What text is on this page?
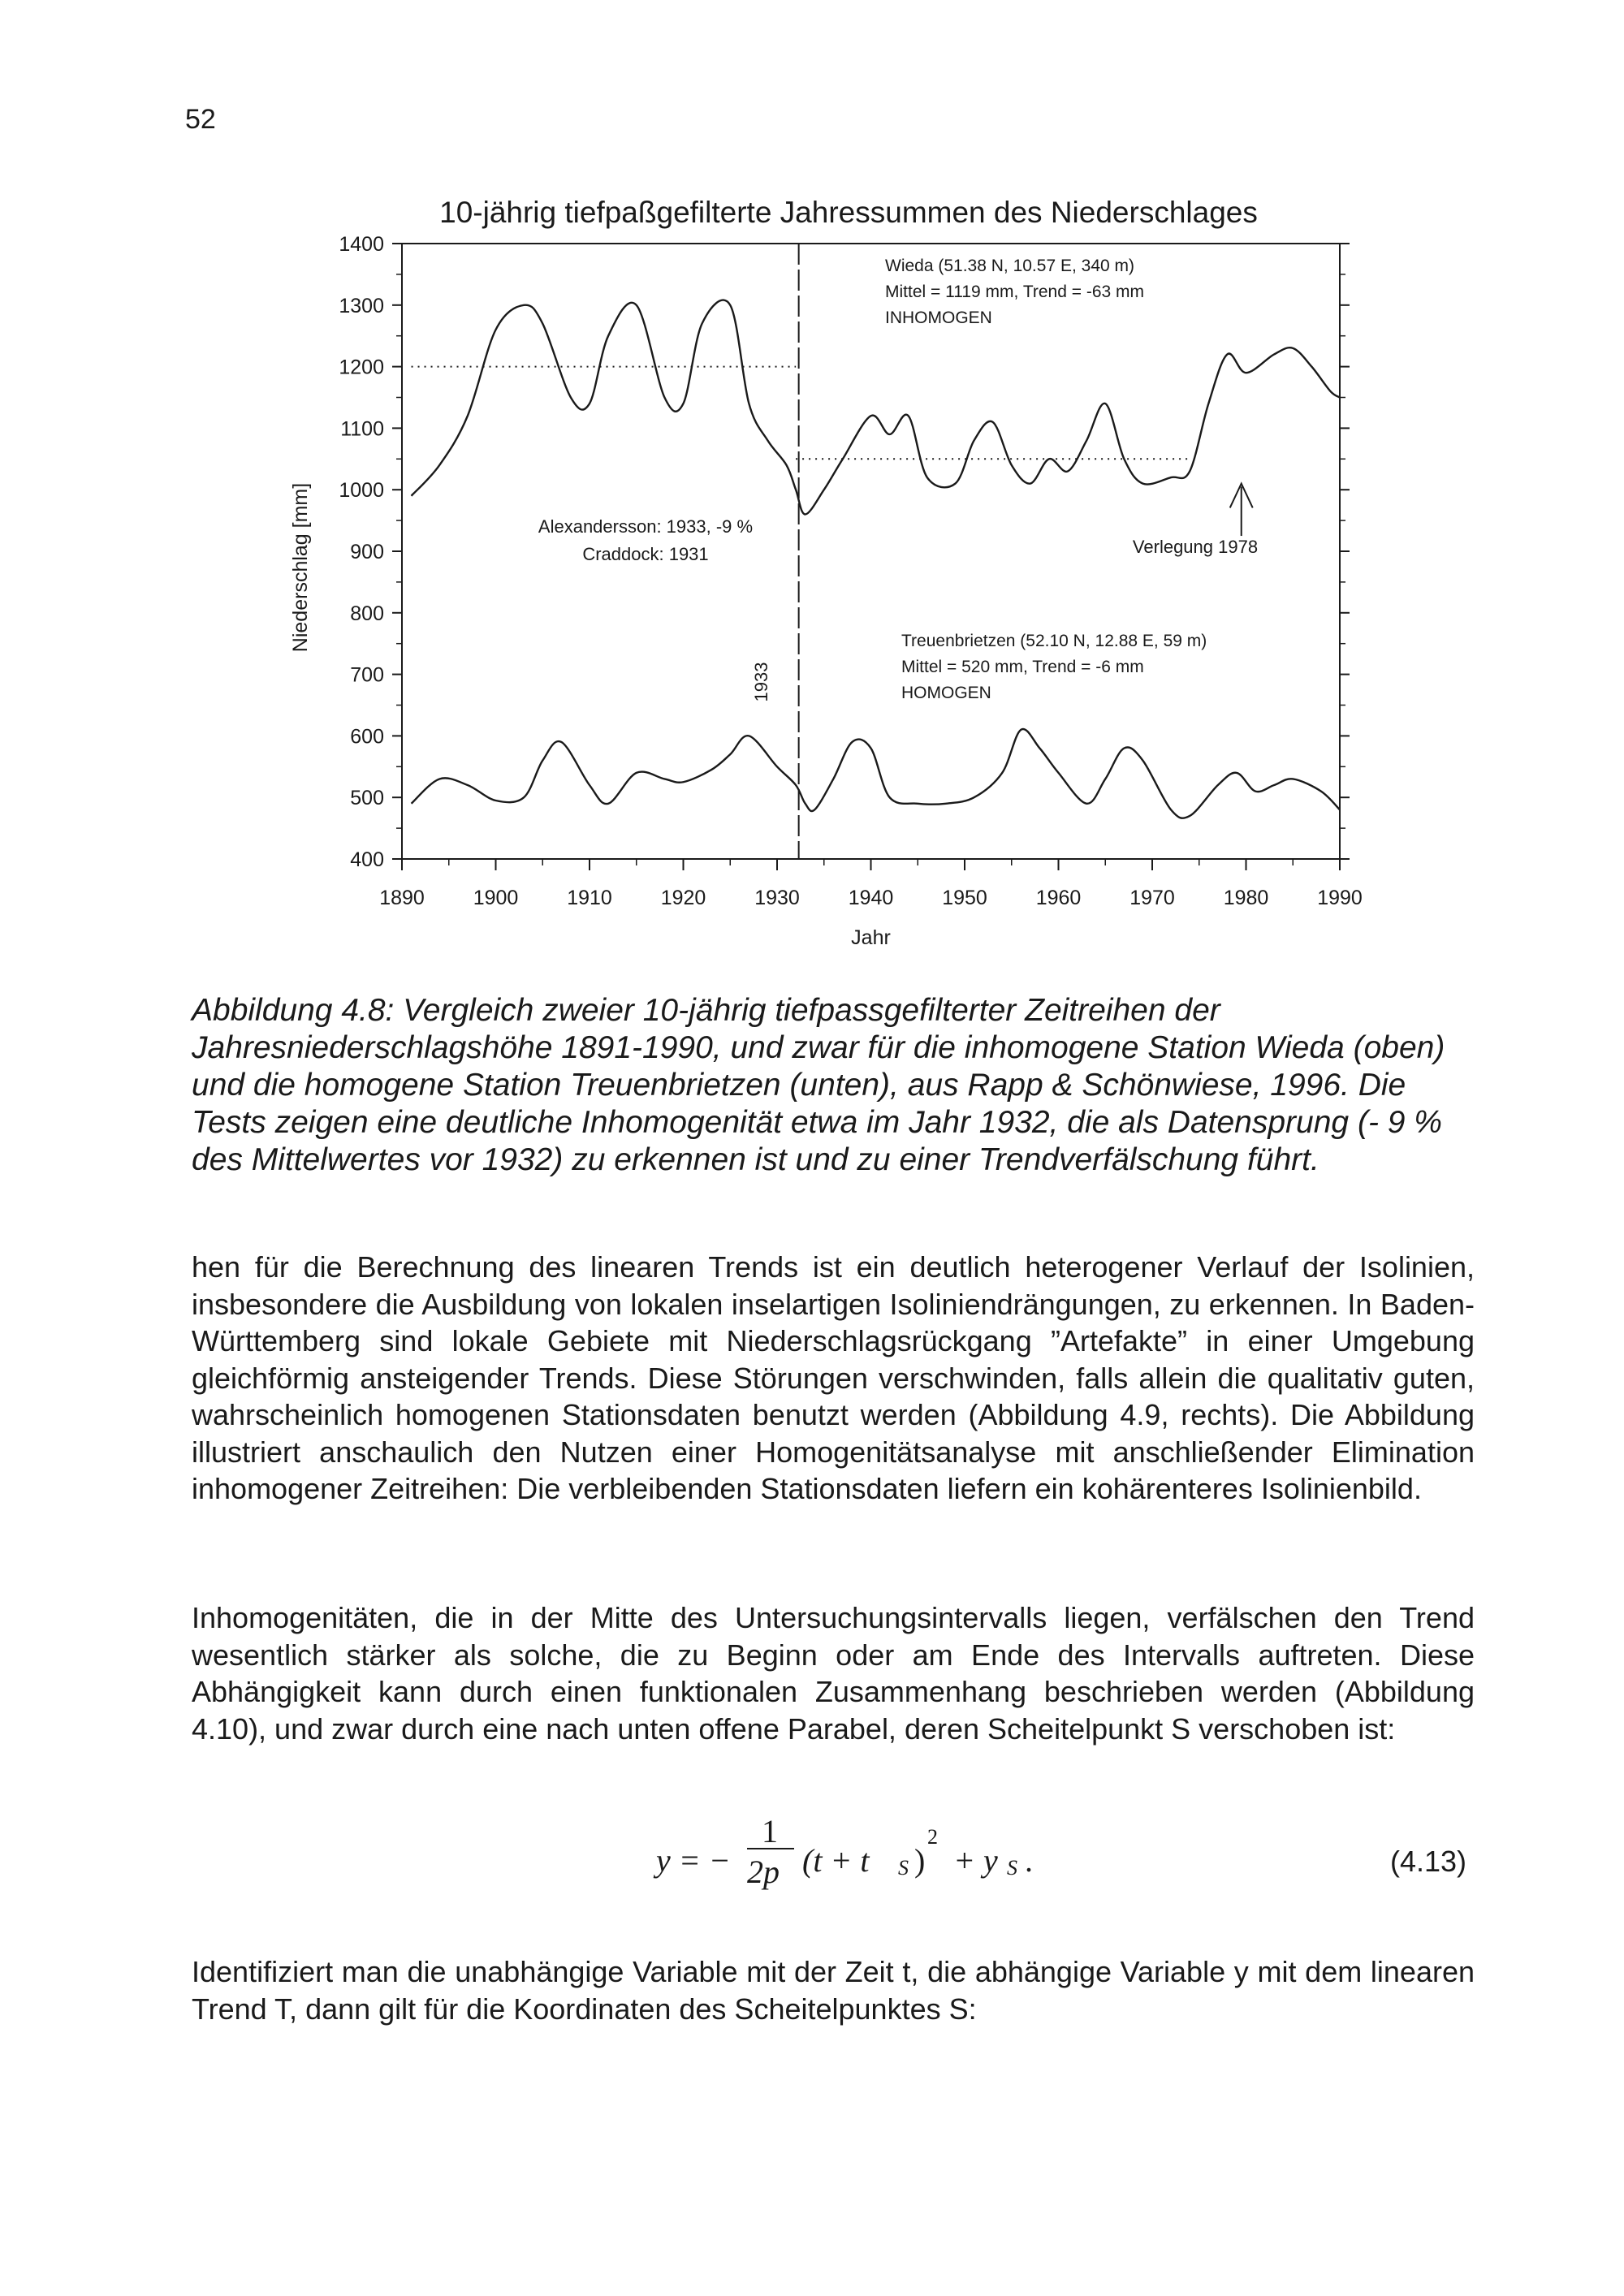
52
10-jährig tiefpaßgefilterte Jahressummen des Niederschlages
400
500
600
700
800
900
1000
1100
1200
1300
1400
1890 1900 1910 1920 1930 1940 1950 1960 1970 1980 1990
Niederschlag [mm]
Jahr
Wieda (51.38 N, 10.57 E, 340 m)
Mittel = 1119 mm, Trend = -63 mm
INHOMOGEN
Treuenbrietzen (52.10 N, 12.88 E, 59 m)
Mittel = 520 mm, Trend = -6 mm
HOMOGEN
Alexandersson: 1933, -9 %
Craddock: 1931
1933
Verlegung 1978
Abbildung 4.8: Vergleich zweier 10-jährig tiefpassgefilterter Zeitreihen der Jahresniederschlagshöhe 1891-1990, und zwar für die inhomogene Station Wieda (oben) und die homogene Station Treuenbrietzen (unten), aus Rapp & Schönwiese, 1996. Die Tests zeigen eine deutliche Inhomogenität etwa im Jahr 1932, die als Datensprung (- 9 % des Mittelwertes vor 1932) zu erkennen ist und zu einer Trendverfälschung führt.
hen für die Berechnung des linearen Trends ist ein deutlich heterogener Verlauf der Isolinien, insbesondere die Ausbildung von lokalen inselartigen Isoliniendrängungen, zu erkennen. In Baden-Württemberg sind lokale Gebiete mit Niederschlagsrückgang ”Artefakte” in einer Umgebung gleichförmig ansteigender Trends. Diese Störungen verschwinden, falls allein die qualitativ guten, wahrscheinlich homogenen Stationsdaten benutzt werden (Abbildung 4.9, rechts). Die Abbildung illustriert anschaulich den Nutzen einer Homogenitätsanalyse mit anschließender Elimination inhomogener Zeitreihen: Die verbleibenden Stationsdaten liefern ein kohärenteres Isolinienbild.
Inhomogenitäten, die in der Mitte des Untersuchungsintervalls liegen, verfälschen den Trend wesentlich stärker als solche, die zu Beginn oder am Ende des Intervalls auftreten. Diese Abhängigkeit kann durch einen funktionalen Zusammenhang beschrieben werden (Abbildung 4.10), und zwar durch eine nach unten offene Parabel, deren Scheitelpunkt S verschoben ist:
y = −
1
2p (t + t S )
2
+ y S .	(4.13)
Identifiziert man die unabhängige Variable mit der Zeit t, die abhängige Variable y mit dem linearen Trend T, dann gilt für die Koordinaten des Scheitelpunktes S:
